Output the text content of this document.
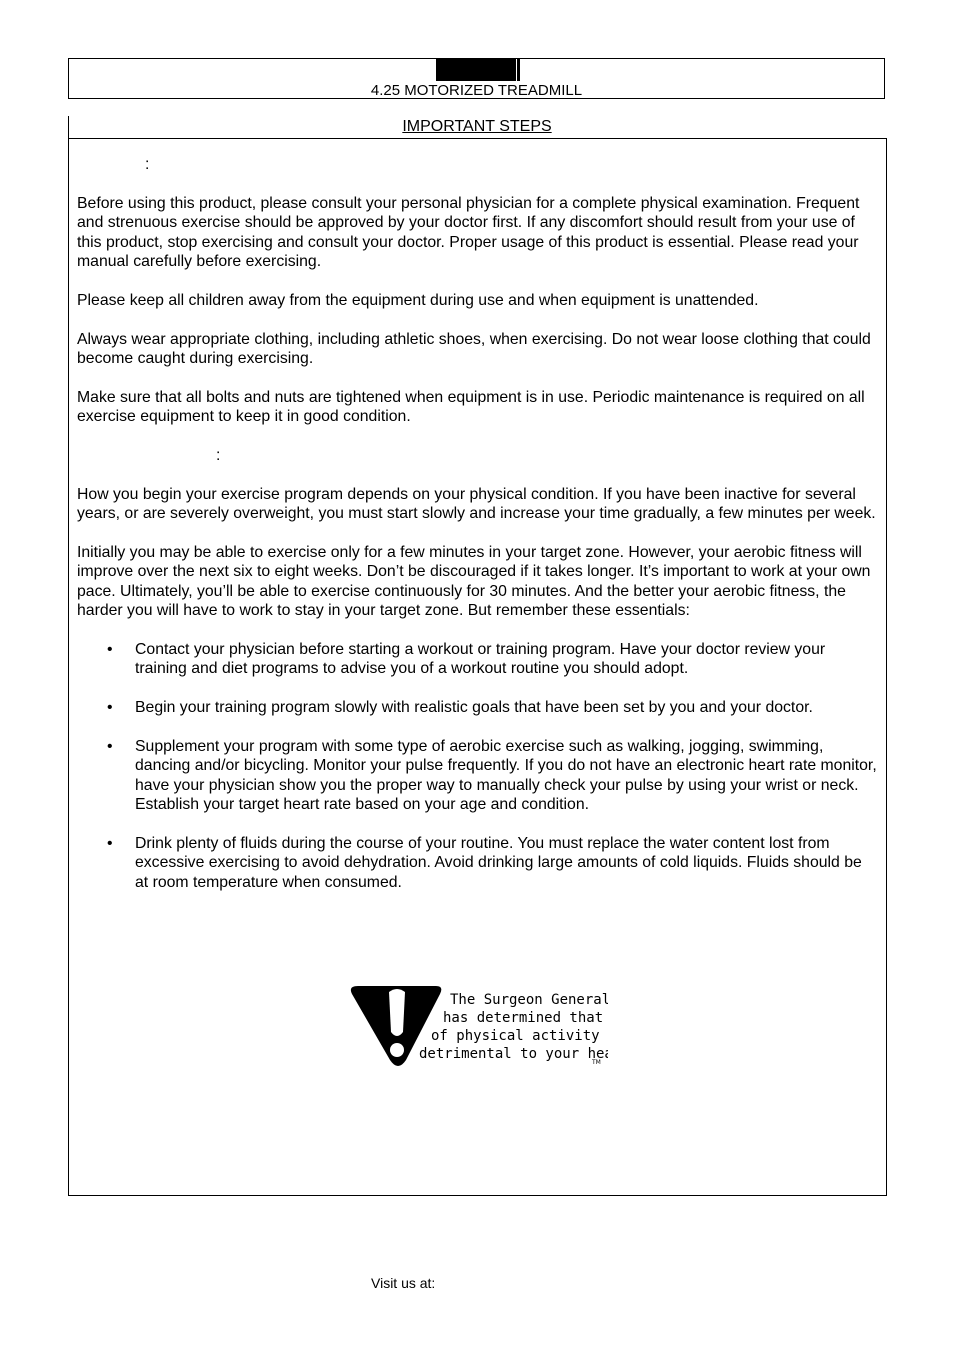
4.25 MOTORIZED TREADMILL
IMPORTANT STEPS
:

Before using this product, please consult your personal physician for a complete physical examination. Frequent and strenuous exercise should be approved by your doctor first. If any discomfort should result from your use of this product, stop exercising and consult your doctor. Proper usage of this product is essential. Please read your manual carefully before exercising.

Please keep all children away from the equipment during use and when equipment is unattended.

Always wear appropriate clothing, including athletic shoes, when exercising. Do not wear loose clothing that could become caught during exercising.

Make sure that all bolts and nuts are tightened when equipment is in use. Periodic maintenance is required on all exercise equipment to keep it in good condition.

:

How you begin your exercise program depends on your physical condition. If you have been inactive for several years, or are severely overweight, you must start slowly and increase your time gradually, a few minutes per week.

Initially you may be able to exercise only for a few minutes in your target zone. However, your aerobic fitness will improve over the next six to eight weeks. Don’t be discouraged if it takes longer. It’s important to work at your own pace. Ultimately, you’ll be able to exercise continuously for 30 minutes. And the better your aerobic fitness, the harder you will have to work to stay in your target zone. But remember these essentials:

• Contact your physician before starting a workout or training program. Have your doctor review your training and diet programs to advise you of a workout routine you should adopt.
• Begin your training program slowly with realistic goals that have been set by you and your doctor.
• Supplement your program with some type of aerobic exercise such as walking, jogging, swimming, dancing and/or bicycling. Monitor your pulse frequently. If you do not have an electronic heart rate monitor, have your physician show you the proper way to manually check your pulse by using your wrist or neck. Establish your target heart rate based on your age and condition.
• Drink plenty of fluids during the course of your routine. You must replace the water content lost from excessive exercising to avoid dehydration. Avoid drinking large amounts of cold liquids. Fluids should be at room temperature when consumed.
The Surgeon General
has determined that
of physical activity is
detrimental to your he
TM
Visit us at:
